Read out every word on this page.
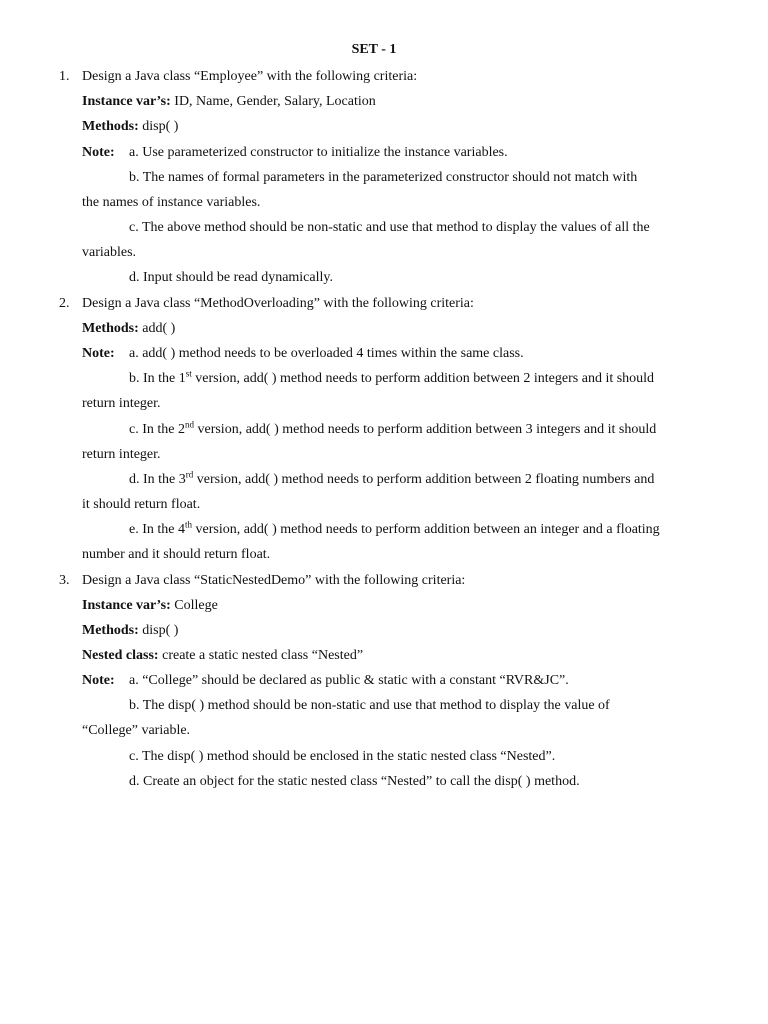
SET - 1
1. Design a Java class “Employee” with the following criteria:
Instance var’s: ID, Name, Gender, Salary, Location
Methods: disp( )
Note: a. Use parameterized constructor to initialize the instance variables.
b. The names of formal parameters in the parameterized constructor should not match with
the names of instance variables.
c. The above method should be non-static and use that method to display the values of all the
variables.
d. Input should be read dynamically.
2. Design a Java class “MethodOverloading” with the following criteria:
Methods: add( )
Note: a. add( ) method needs to be overloaded 4 times within the same class.
b. In the 1st version, add( ) method needs to perform addition between 2 integers and it should
return integer.
c. In the 2nd version, add( ) method needs to perform addition between 3 integers and it should
return integer.
d. In the 3rd version, add( ) method needs to perform addition between 2 floating numbers and
it should return float.
e. In the 4th version, add( ) method needs to perform addition between an integer and a floating
number and it should return float.
3. Design a Java class “StaticNestedDemo” with the following criteria:
Instance var’s: College
Methods: disp( )
Nested class: create a static nested class “Nested”
Note: a. “College” should be declared as public & static with a constant “RVR&JC”.
b. The disp( ) method should be non-static and use that method to display the value of
“College” variable.
c. The disp( ) method should be enclosed in the static nested class “Nested”.
d. Create an object for the static nested class “Nested” to call the disp( ) method.
